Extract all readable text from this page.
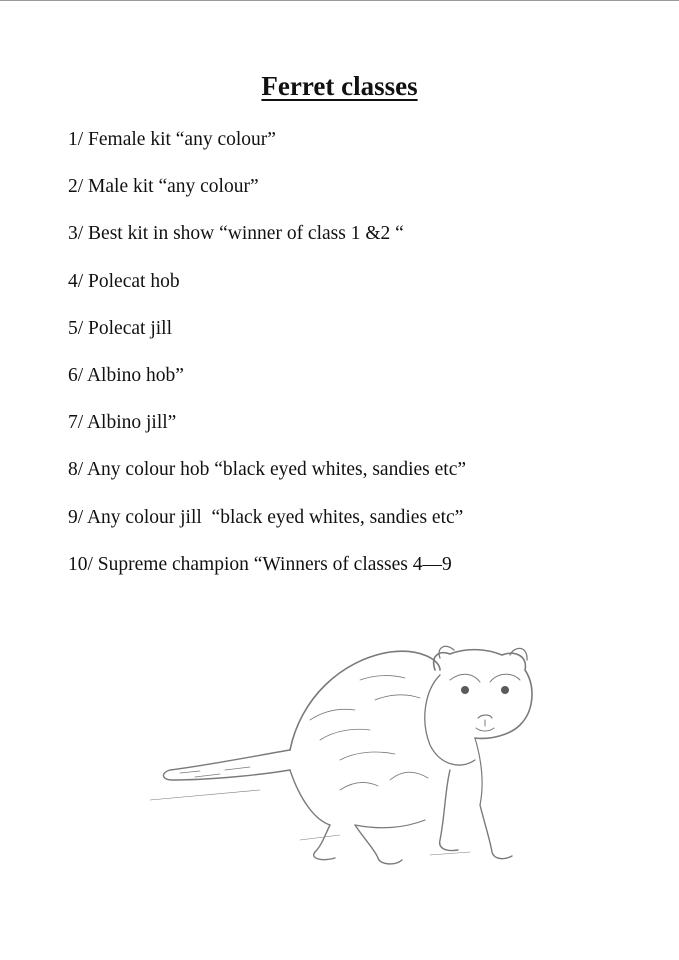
Ferret classes
1/ Female kit “any colour”
2/ Male kit “any colour”
3/ Best kit in show “winner of class 1 &2 “
4/ Polecat hob
5/ Polecat jill
6/ Albino hob”
7/ Albino jill”
8/ Any colour hob “black eyed whites, sandies etc”
9/ Any colour jill  “black eyed whites, sandies etc”
10/ Supreme champion “Winners of classes 4—9
